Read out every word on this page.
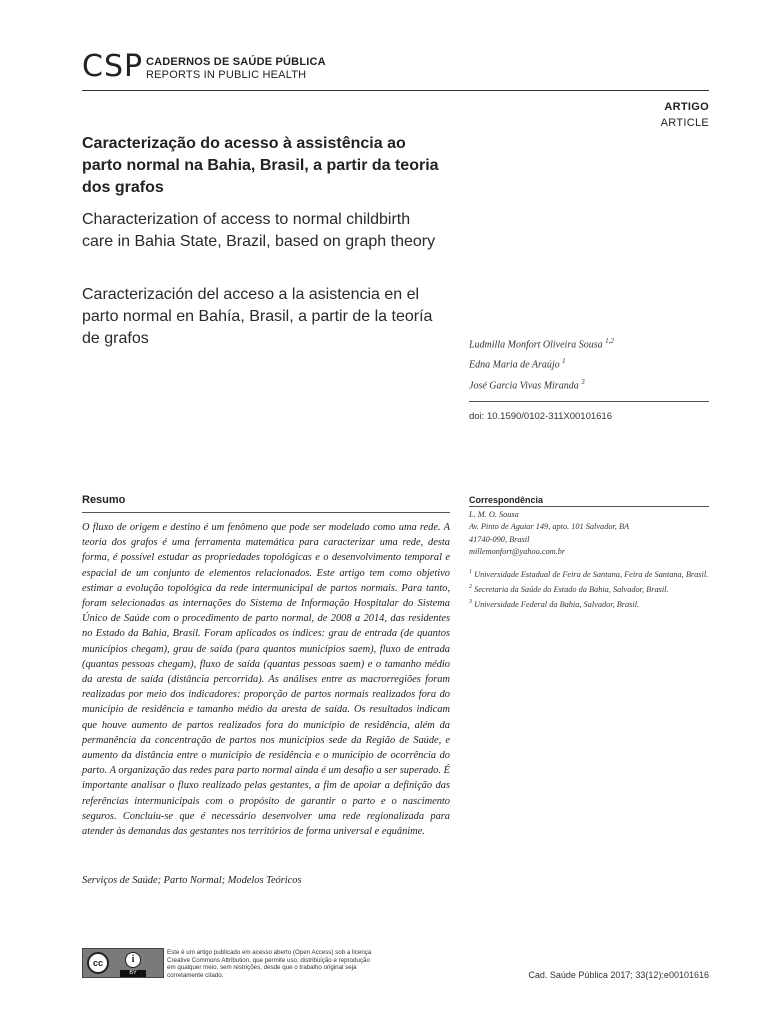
CSP CADERNOS DE SAÚDE PÚBLICA
REPORTS IN PUBLIC HEALTH
ARTIGO
ARTICLE
Caracterização do acesso à assistência ao parto normal na Bahia, Brasil, a partir da teoria dos grafos
Characterization of access to normal childbirth care in Bahia State, Brazil, based on graph theory
Caracterización del acceso a la asistencia en el parto normal en Bahía, Brasil, a partir de la teoría de grafos	Ludmilla Monfort Oliveira Sousa $^{1,2}$
Edna Maria de Araújo $^1$
José Garcia Vivas Miranda $^3$
doi: 10.1590/0102-311X00101616
Resumo
O fluxo de origem e destino é um fenômeno que pode ser modelado como uma rede. A teoria dos grafos é uma ferramenta matemática para caracterizar uma rede, desta forma, é possível estudar as propriedades topológicas e o desenvolvimento temporal e espacial de um conjunto de elementos relacionados. Este artigo tem como objetivo estimar a evolução topológica da rede intermunicipal de partos normais. Para tanto, foram selecionadas as internações do Sistema de Informação Hospitalar do Sistema Único de Saúde com o procedimento de parto normal, de 2008 a 2014, das residentes no Estado da Bahia, Brasil. Foram aplicados os índices: grau de entrada (de quantos municípios chegam), grau de saída (para quantos municípios saem), fluxo de entrada (quantas pessoas chegam), fluxo de saída (quantas pessoas saem) e o tamanho médio da aresta de saída (distância percorrida). As análises entre as macrorregiões foram realizadas por meio dos indicadores: proporção de partos normais realizados fora do município de residência e tamanho médio da aresta de saída. Os resultados indicam que houve aumento de partos realizados fora do município de residência, além da permanência da concentração de partos nos municípios sede da Região de Saúde, e aumento da distância entre o município de residência e o município de ocorrência do parto. A organização das redes para parto normal ainda é um desafio a ser superado. É importante analisar o fluxo realizado pelas gestantes, a fim de apoiar a definição das referências intermunicipais com o propósito de garantir o parto e o nascimento seguros. Concluiu-se que é necessário desenvolver uma rede regionalizada para atender às demandas das gestantes nos territórios de forma universal e equânime.
Serviços de Saúde; Parto Normal; Modelos Teóricos
Correspondência
L. M. O. Sousa
Av. Pinto de Aguiar 149, apto. 101 Salvador, BA
41740-090, Brasil
millemonfort@yahoo.com.br
$^1$ Universidade Estadual de Feira de Santana, Feira de Santana, Brasil.
$^2$ Secretaria da Saúde do Estado da Bahia, Salvador, Brasil.
$^3$ Universidade Federal da Bahia, Salvador, Brasil.
cc	i
BY
Este é um artigo publicado em acesso aberto (Open Access) sob a licença Creative Commons Attribution, que permite uso, distribuição e reprodução em qualquer meio, sem restrições, desde que o trabalho original seja corretamente citado.	Cad. Saúde Pública 2017; 33(12):e00101616
